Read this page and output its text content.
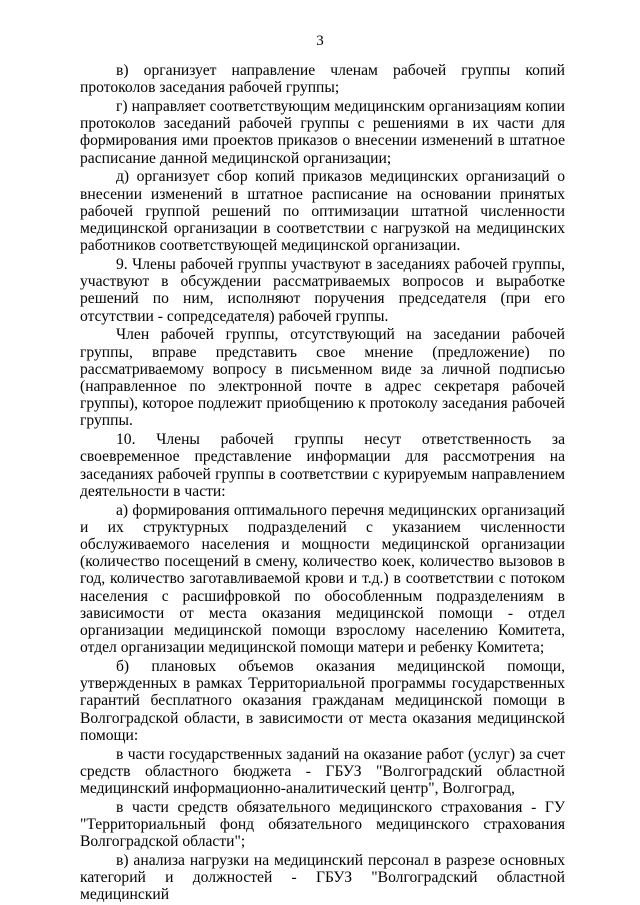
3

в) организует направление членам рабочей группы копий протоколов заседания рабочей группы;

г) направляет соответствующим медицинским организациям копии протоколов заседаний рабочей группы с решениями в их части для формирования ими проектов приказов о внесении изменений в штатное расписание данной медицинской организации;

д) организует сбор копий приказов медицинских организаций о внесении изменений в штатное расписание на основании принятых рабочей группой решений по оптимизации штатной численности медицинской организации в соответствии с нагрузкой на медицинских работников соответствующей медицинской организации.

9. Члены рабочей группы участвуют в заседаниях рабочей группы, участвуют в обсуждении рассматриваемых вопросов и выработке решений по ним, исполняют поручения председателя (при его отсутствии - сопредседателя) рабочей группы.

Член рабочей группы, отсутствующий на заседании рабочей группы, вправе представить свое мнение (предложение) по рассматриваемому вопросу в письменном виде за личной подписью (направленное по электронной почте в адрес секретаря рабочей группы), которое подлежит приобщению к протоколу заседания рабочей группы.

10. Члены рабочей группы несут ответственность за своевременное представление информации для рассмотрения на заседаниях рабочей группы в соответствии с курируемым направлением деятельности в части:

а) формирования оптимального перечня медицинских организаций и их структурных подразделений с указанием численности обслуживаемого населения и мощности медицинской организации (количество посещений в смену, количество коек, количество вызовов в год, количество заготавливаемой крови и т.д.) в соответствии с потоком населения с расшифровкой по обособленным подразделениям в зависимости от места оказания медицинской помощи - отдел организации медицинской помощи взрослому населению Комитета, отдел организации медицинской помощи матери и ребенку Комитета;

б) плановых объемов оказания медицинской помощи, утвержденных в рамках Территориальной программы государственных гарантий бесплатного оказания гражданам медицинской помощи в Волгоградской области, в зависимости от места оказания медицинской помощи:

в части государственных заданий на оказание работ (услуг) за счет средств областного бюджета - ГБУЗ "Волгоградский областной медицинский информационно-аналитический центр", Волгоград,

в части средств обязательного медицинского страхования - ГУ "Территориальный фонд обязательного медицинского страхования Волгоградской области";

в) анализа нагрузки на медицинский персонал в разрезе основных категорий и должностей - ГБУЗ "Волгоградский областной медицинский
